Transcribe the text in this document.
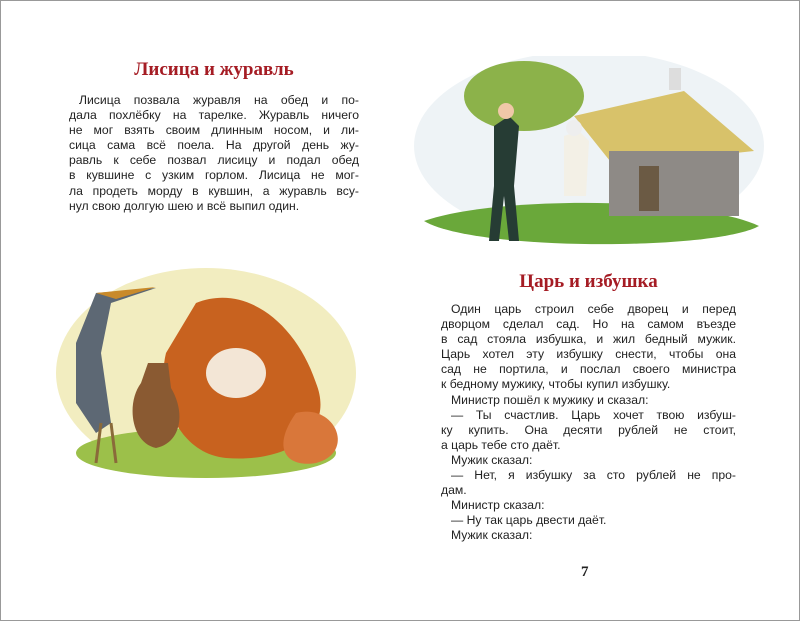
Лисица и журавль
Лисица позвала журавля на обед и по-
дала похлёбку на тарелке. Журавль ничего
не мог взять своим длинным носом, и ли-
сица сама всё поела. На другой день жу-
равль к себе позвал лисицу и подал обед
в кувшине с узким горлом. Лисица не мог-
ла продеть морду в кувшин, а журавль всу-
нул свою долгую шею и всё выпил один.
Царь и избушка
Один царь строил себе дворец и перед
дворцом сделал сад. Но на самом въезде
в сад стояла избушка, и жил бедный мужик.
Царь хотел эту избушку снести, чтобы она
сад не портила, и послал своего министра
к бедному мужику, чтобы купил избушку.
Министр пошёл к мужику и сказал:
— Ты счастлив. Царь хочет твою избуш-
ку купить. Она десяти рублей не стоит,
а царь тебе сто даёт.
Мужик сказал:
— Нет, я избушку за сто рублей не про-
дам.
Министр сказал:
— Ну так царь двести даёт.
Мужик сказал:
7
